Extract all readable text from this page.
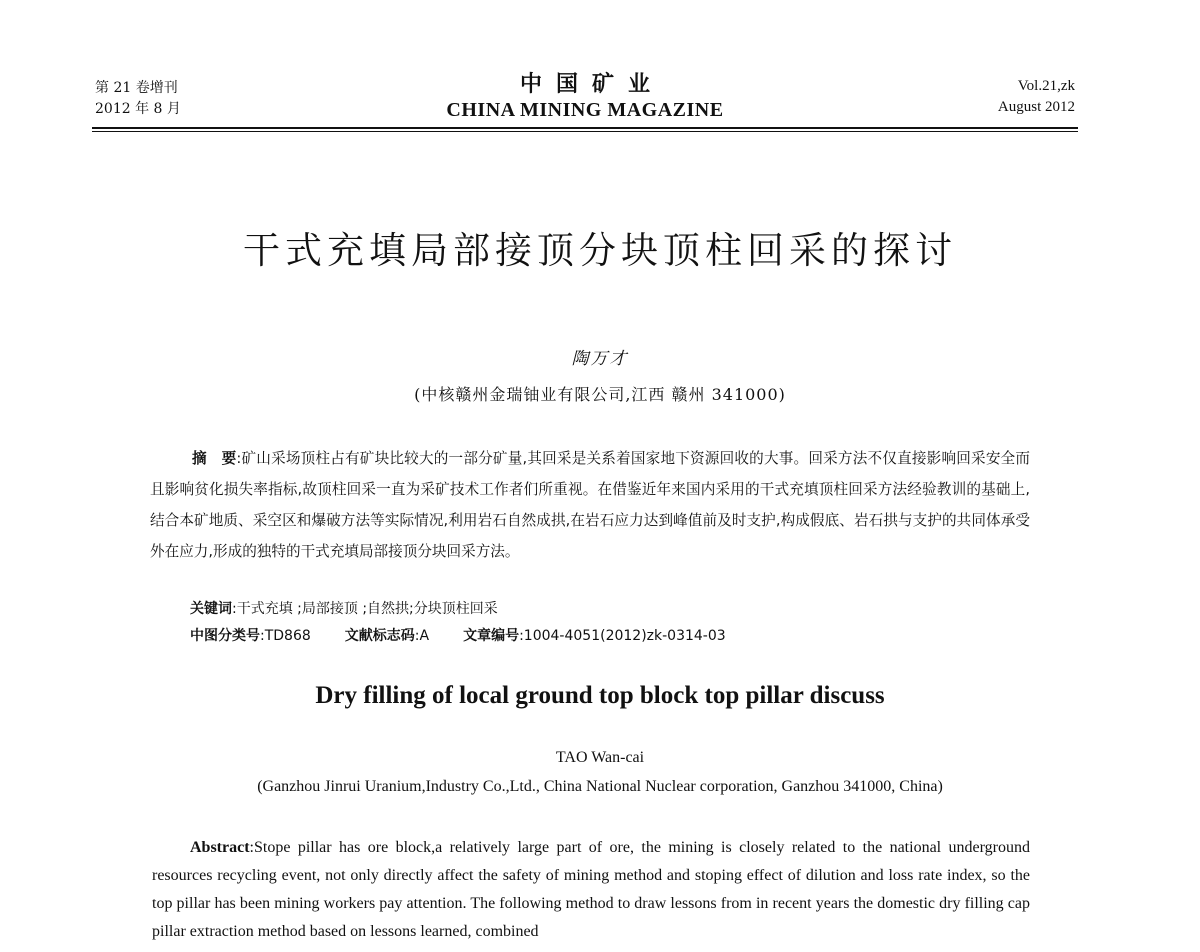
第 21 卷增刊
2012 年 8 月
中国矿业
CHINA MINING MAGAZINE
Vol.21,zk
August 2012
干式充填局部接顶分块顶柱回采的探讨
陶万才
(中核赣州金瑞铀业有限公司,江西 赣州 341000)

摘　要:矿山采场顶柱占有矿块比较大的一部分矿量,其回采是关系着国家地下资源回收的大事。回采方法不仅直接影响回采安全而且影响贫化损失率指标,故顶柱回采一直为采矿技术工作者们所重视。在借鉴近年来国内采用的干式充填顶柱回采方法经验教训的基础上,结合本矿地质、采空区和爆破方法等实际情况,利用岩石自然成拱,在岩石应力达到峰值前及时支护,构成假底、岩石拱与支护的共同体承受外在应力,形成的独特的干式充填局部接顶分块回采方法。

关键词:干式充填 ;局部接顶 ;自然拱;分块顶柱回采
中图分类号:TD868 文献标志码:A 文章编号:1004-4051(2012)zk-0314-03
Dry filling of local ground top block top pillar discuss
TAO Wan-cai
(Ganzhou Jinrui Uranium,Industry Co.,Ltd., China National Nuclear corporation, Ganzhou 341000, China)

Abstract:Stope pillar has ore block,a relatively large part of ore, the mining is closely related to the national underground resources recycling event, not only directly affect the safety of mining method and stoping effect of dilution and loss rate index, so the top pillar has been mining workers pay attention. The following method to draw lessons from in recent years the domestic dry filling cap pillar extraction method based on lessons learned, combined
